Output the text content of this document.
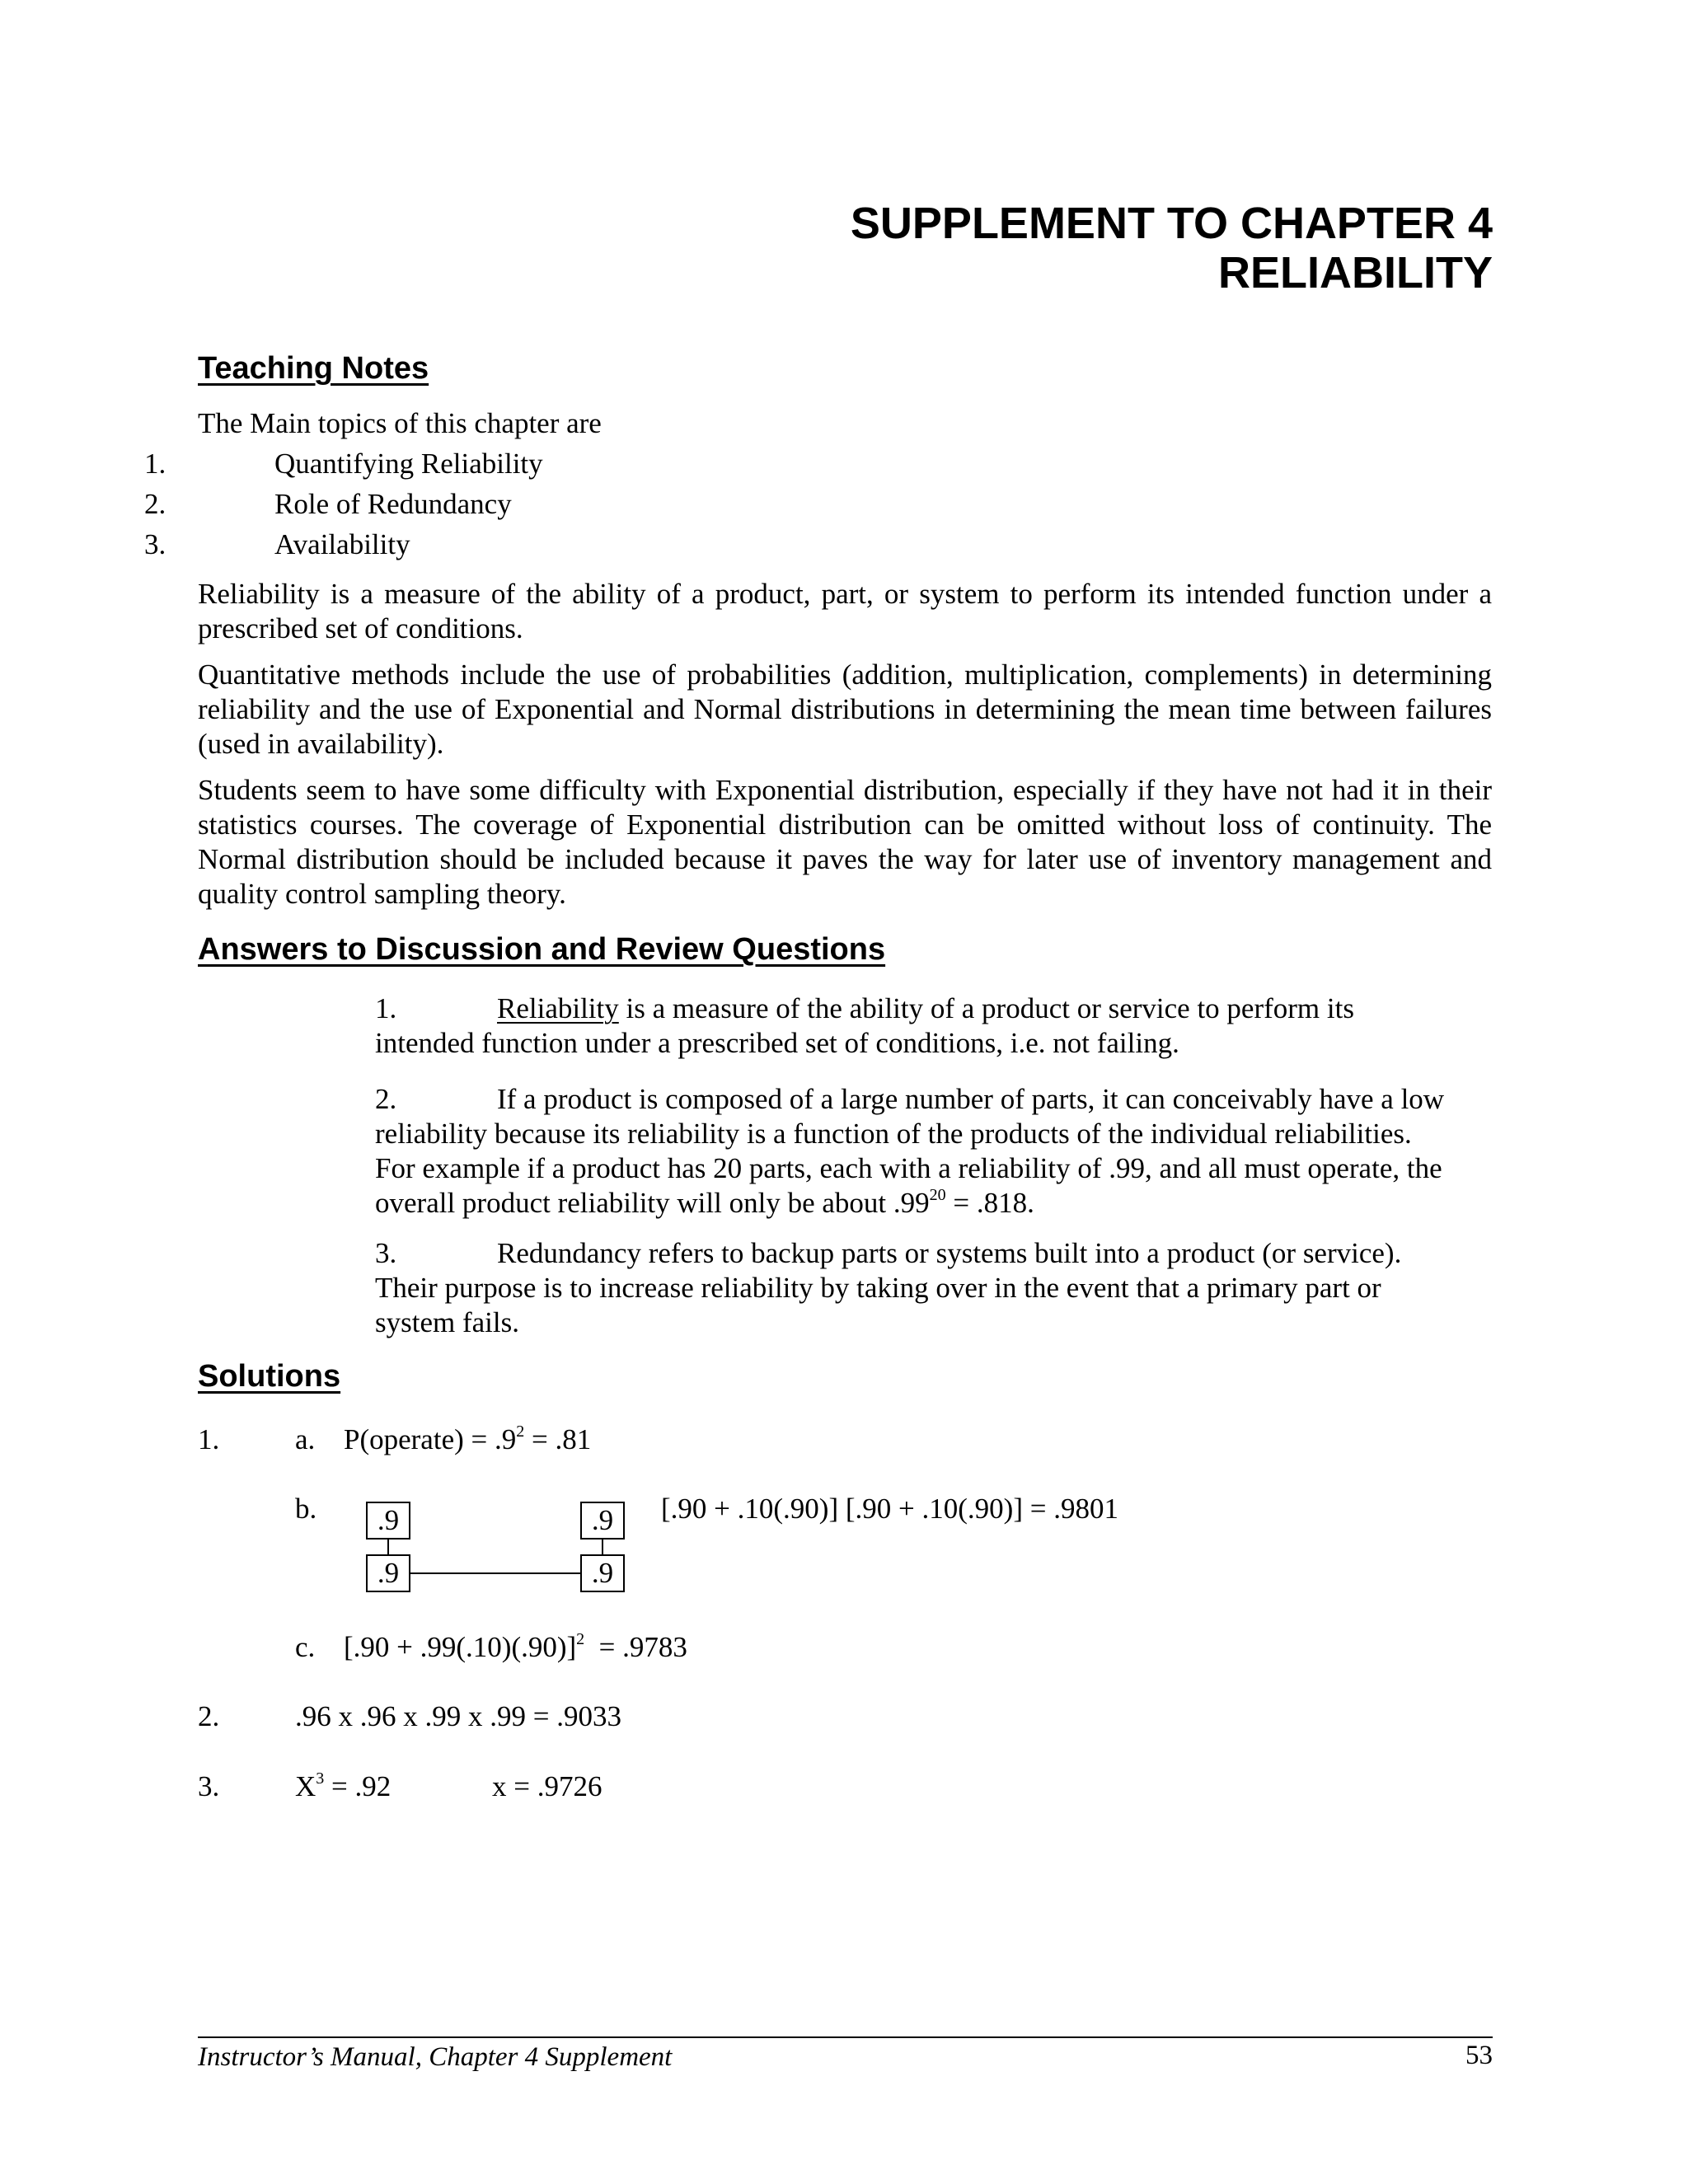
SUPPLEMENT TO CHAPTER 4
RELIABILITY
Teaching Notes
The Main topics of this chapter are
1.	Quantifying Reliability
2.	Role of Redundancy
3.	Availability
Reliability is a measure of the ability of a product, part, or system to perform its intended function under a prescribed set of conditions.
Quantitative methods include the use of probabilities (addition, multiplication, complements) in determining reliability and the use of Exponential and Normal distributions in determining the mean time between failures (used in availability).
Students seem to have some difficulty with Exponential distribution, especially if they have not had it in their statistics courses. The coverage of Exponential distribution can be omitted without loss of continuity. The Normal distribution should be included because it paves the way for later use of inventory management and quality control sampling theory.
Answers to Discussion and Review Questions
1.	Reliability is a measure of the ability of a product or service to perform its intended function under a prescribed set of conditions, i.e. not failing.
2.	If a product is composed of a large number of parts, it can conceivably have a low reliability because its reliability is a function of the products of the individual reliabilities. For example if a product has 20 parts, each with a reliability of .99, and all must operate, the overall product reliability will only be about $.99^{20} = .818$.
3.	Redundancy refers to backup parts or systems built into a product (or service). Their purpose is to increase reliability by taking over in the event that a primary part or system fails.
Solutions
1.	a. P(operate) = $.9^2 = .81$
b.	.9	.9
.9	.9
[.90 + .10(.90)] [.90 + .10(.90)] = .9801
c. $[.90 + .99(.10)(.90)]^2 = .9783$
2.	.96 x .96 x .99 x .99 = .9033
3.	$X^3 = .92$	x = .9726
Instructor’s Manual, Chapter 4 Supplement	53
